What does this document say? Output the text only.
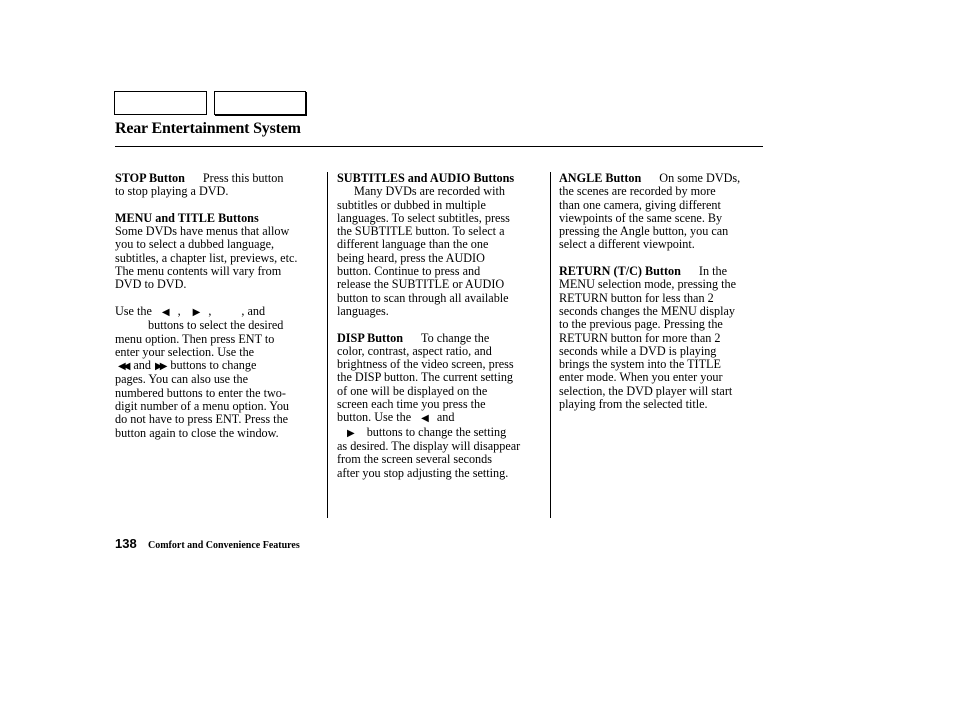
Rear Entertainment System

STOP Button Press this button
to stop playing a DVD.

MENU and TITLE Buttons
Some DVDs have menus that allow
you to select a dubbed language,
subtitles, a chapter list, previews, etc.
The menu contents will vary from
DVD to DVD.

Use the ◀ , ▶ , , and
buttons to select the desired
menu option. Then press ENT to
enter your selection. Use the
◀◀ and ▶▶ buttons to change
pages. You can also use the
numbered buttons to enter the two-
digit number of a menu option. You
do not have to press ENT. Press the
button again to close the window.

SUBTITLES and AUDIO Buttons
Many DVDs are recorded with
subtitles or dubbed in multiple
languages. To select subtitles, press
the SUBTITLE button. To select a
different language than the one
being heard, press the AUDIO
button. Continue to press and
release the SUBTITLE or AUDIO
button to scan through all available
languages.

DISP Button To change the
color, contrast, aspect ratio, and
brightness of the video screen, press
the DISP button. The current setting
of one will be displayed on the
screen each time you press the
button. Use the ◀ and
▶ buttons to change the setting
as desired. The display will disappear
from the screen several seconds
after you stop adjusting the setting.

ANGLE Button On some DVDs,
the scenes are recorded by more
than one camera, giving different
viewpoints of the same scene. By
pressing the Angle button, you can
select a different viewpoint.

RETURN (T/C) Button In the
MENU selection mode, pressing the
RETURN button for less than 2
seconds changes the MENU display
to the previous page. Pressing the
RETURN button for more than 2
seconds while a DVD is playing
brings the system into the TITLE
enter mode. When you enter your
selection, the DVD player will start
playing from the selected title.

138 Comfort and Convenience Features
